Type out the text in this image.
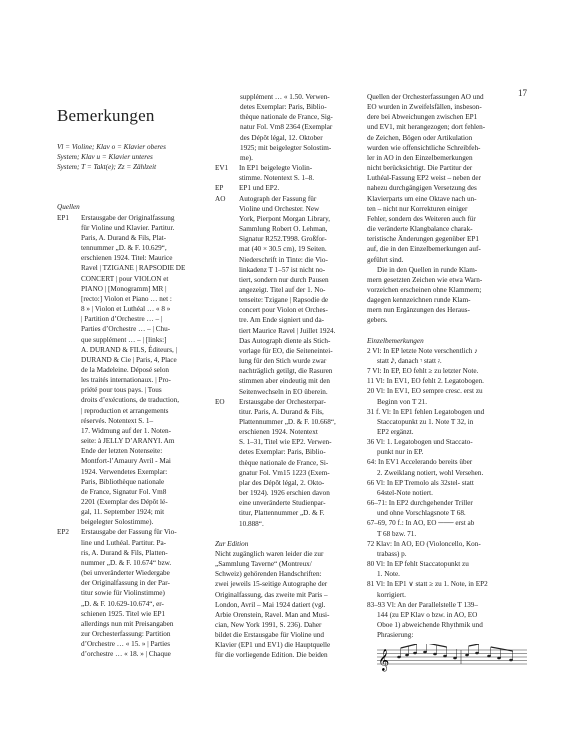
17
Bemerkungen

Vl = Violine; Klav o = Klavier oberes

System; Klav u = Klavier unteres

System; T = Takt(e); Zz = Zählzeit

Quellen

EP1	Erstausgabe der Originalfassung

für Violine und Klavier. Partitur.

Paris, A. Durand & Fils, Plat-

tennummer „D. & F. 10.629“,

erschienen 1924. Titel: Maurice

Ravel | TZIGANE | RAPSODIE DE

CONCERT | pour VIOLON et

PIANO | [Monogramm] MR |

[recto:] Violon et Piano … net :

8 » | Violon et Luthéal … « 8 »

| Partition d’Orchestre … – |

Parties d’Orchestre … – | Chu-

que supplément … – | [links:]

A. DURAND & FILS, Éditeurs, |

DURAND & Cie | Paris, 4, Place

de la Madeleine. Déposé selon

les traités internationaux. | Pro-

priété pour tous pays. | Tous

droits d’exécutions, de traduction,

| reproduction et arrangements

réservés. Notentext S. 1–

17. Widmung auf der 1. Noten-

seite: à JELLY D’ARANYI. Am

Ende der letzten Notenseite:

Montfort-l’Amaury Avril - Mai

1924. Verwendetes Exemplar:

Paris, Bibliothèque nationale

de France, Signatur Fol. Vm8

2201 (Exemplar des Dépôt lé-

gal, 11. September 1924; mit

beigelegter Solostimme).

EP2	Erstausgabe der Fassung für Vio-

line und Luthéal. Partitur. Pa-

ris, A. Durand & Fils, Platten-

nummer „D. & F. 10.674“ bzw.

(bei unveränderter Wiedergabe

der Originalfassung in der Par-

titur sowie für Violinstimme)

„D. & F. 10.629-10.674“, er-

schienen 1925. Titel wie EP1

allerdings nun mit Preisangaben

zur Orchesterfassung: Partition

d’Orchestre … « 15. » | Parties

d’orchestre … « 18. » | Chaque

supplément … « 1.50. Verwen-

detes Exemplar: Paris, Biblio-

thèque nationale de France, Sig-

natur Fol. Vm8 2364 (Exemplar

des Dépôt légal, 12. Oktober

1925; mit beigelegter Solostim-

me).

EV1	In EP1 beigelegte Violin-

stimme. Notentext S. 1–8.

EP	EP1 und EP2.

AO	Autograph der Fassung für

Violine und Orchester. New

York, Pierpont Morgan Library,

Sammlung Robert O. Lehman,

Signatur R252.T998. Großfor-

mat (40 × 30.5 cm), 19 Seiten.

Niederschrift in Tinte: die Vio-

linkadenz T 1–57 ist nicht no-

tiert, sondern nur durch Pausen

angezeigt. Titel auf der 1. No-

tenseite: Tzigane | Rapsodie de

concert pour Violon et Orches-

tre. Am Ende signiert und da-

tiert Maurice Ravel | Juillet 1924.

Das Autograph diente als Stich-

vorlage für EO, die Seiteneintei-

lung für den Stich wurde zwar

nachträglich getilgt, die Rasuren

stimmen aber eindeutig mit den

Seitenwechseln in EO überein.

EO	Erstausgabe der Orchesterpar-

titur. Paris, A. Durand & Fils,

Plattennummer „D. & F. 10.668“,

erschienen 1924. Notentext

S. 1–31, Titel wie EP2. Verwen-

detes Exemplar: Paris, Biblio-

thèque nationale de France, Si-

gnatur Fol. Vm15 1223 (Exem-

plar des Dépôt légal, 2. Okto-

ber 1924). 1926 erschien davon

eine unveränderte Studienpar-

titur, Plattennummer „D. & F.

10.888“.

Zur Edition

Nicht zugänglich waren leider die zur

„Sammlung Taverne“ (Montreux/

Schweiz) gehörenden Handschriften:

zwei jeweils 15-seitige Autographe der

Originalfassung, das zweite mit Paris –

London, Avril – Mai 1924 datiert (vgl.

Arbie Orenstein, Ravel. Man and Musi-

cian, New York 1991, S. 236). Daher

bildet die Erstausgabe für Violine und

Klavier (EP1 und EV1) die Hauptquelle

für die vorliegende Edition. Die beiden

Quellen der Orchesterfassungen AO und

EO wurden in Zweifelsfällen, insbeson-

dere bei Abweichungen zwischen EP1

und EV1, mit herangezogen; dort fehlen-

de Zeichen, Bögen oder Artikulation

wurden wie offensichtliche Schreibfeh-

ler in AO in den Einzelbemerkungen

nicht berücksichtigt. Die Partitur der

Luthéal-Fassung EP2 weist – neben der

nahezu durchgängigen Versetzung des

Klavierparts um eine Oktave nach un-

ten – nicht nur Korrekturen einiger

Fehler, sondern des Weiteren auch für

die veränderte Klangbalance charak-

teristische Änderungen gegenüber EP1

auf, die in den Einzelbemerkungen auf-

geführt sind.

Die in den Quellen in runde Klam-

mern gesetzten Zeichen wie etwa Warn-

vorzeichen erscheinen ohne Klammern;

dagegen kennzeichnen runde Klam-

mern nun Ergänzungen des Heraus-

gebers.

Einzelbemerkungen

2 Vl: In EP letzte Note verschentlich ♪

statt 𝅘𝅥𝅯, danach 𝄾 statt 𝄿.

7 Vl: In EP, EO fehlt ≥ zu letzter Note.

11 Vl: In EV1, EO fehlt 2. Legatobogen.

20 Vl: In EV1, EO sempre cresc. erst zu

Beginn von T 21.

31 f. Vl: In EP1 fehlen Legatobogen und

Staccatopunkt zu 1. Note T 32, in

EP2 ergänzt.

36 Vl: 1. Legatobogen und Staccato-

punkt nur in EP.

64: In EV1 Accelerando bereits über

2. Zweiklang notiert, wohl Versehen.

66 Vl: In EP Tremolo als 32stel- statt

64stel-Note notiert.

66–71: In EP2 durchgehender Triller

und ohne Vorschlagsnote T 68.

67–69, 70 f.: In AO, EO ─── erst ab

T 68 bzw. 71.

72 Klav: In AO, EO (Violoncello, Kon-

trabass) p.

80 Vl: In EP fehlt Staccatopunkt zu

1. Note.

81 Vl: In EP1 ∨ statt ≥ zu 1. Note, in EP2

korrigiert.

83–93 Vl: An der Parallelstelle T 139–

144 (zu EP Klav o bzw. in AO, EO

Oboe 1) abweichende Rhythmik und

Phrasierung:

𝄞
